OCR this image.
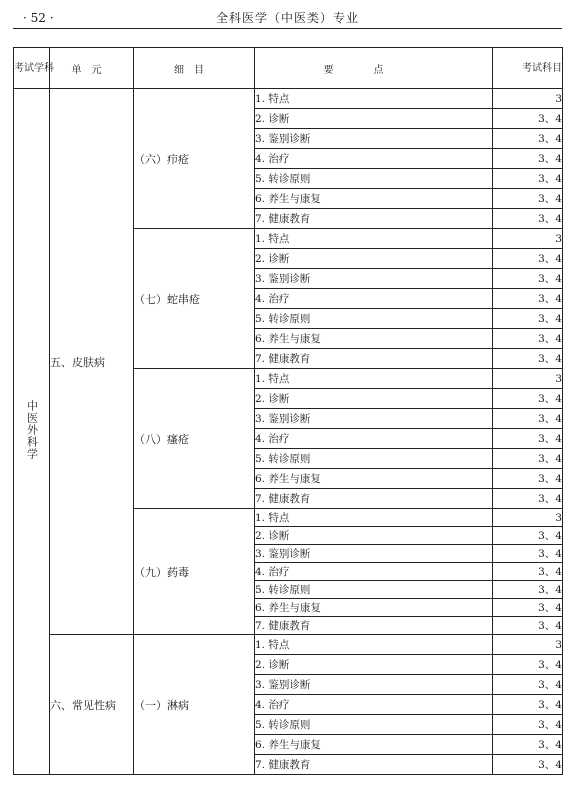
· 52 ·	全科医学（中医类）专业
考试学科	单元	细目	要点	考试科目
中医外科学	五、皮肤病	（六）疖疮	1. 特点	3
			2. 诊断	3、4
			3. 鉴别诊断	3、4
			4. 治疗	3、4
			5. 转诊原则	3、4
			6. 养生与康复	3、4
			7. 健康教育	3、4
		（七）蛇串疮	1. 特点	3
			2. 诊断	3、4
			3. 鉴别诊断	3、4
			4. 治疗	3、4
			5. 转诊原则	3、4
			6. 养生与康复	3、4
			7. 健康教育	3、4
		（八）瘙疮	1. 特点	3
			2. 诊断	3、4
			3. 鉴别诊断	3、4
			4. 治疗	3、4
			5. 转诊原则	3、4
			6. 养生与康复	3、4
			7. 健康教育	3、4
		（九）药毒	1. 特点	3
			2. 诊断	3、4
			3. 鉴别诊断	3、4
			4. 治疗	3、4
			5. 转诊原则	3、4
			6. 养生与康复	3、4
			7. 健康教育	3、4
	六、常见性病	（一）淋病	1. 特点	3
			2. 诊断	3、4
			3. 鉴别诊断	3、4
			4. 治疗	3、4
			5. 转诊原则	3、4
			6. 养生与康复	3、4
			7. 健康教育	3、4
